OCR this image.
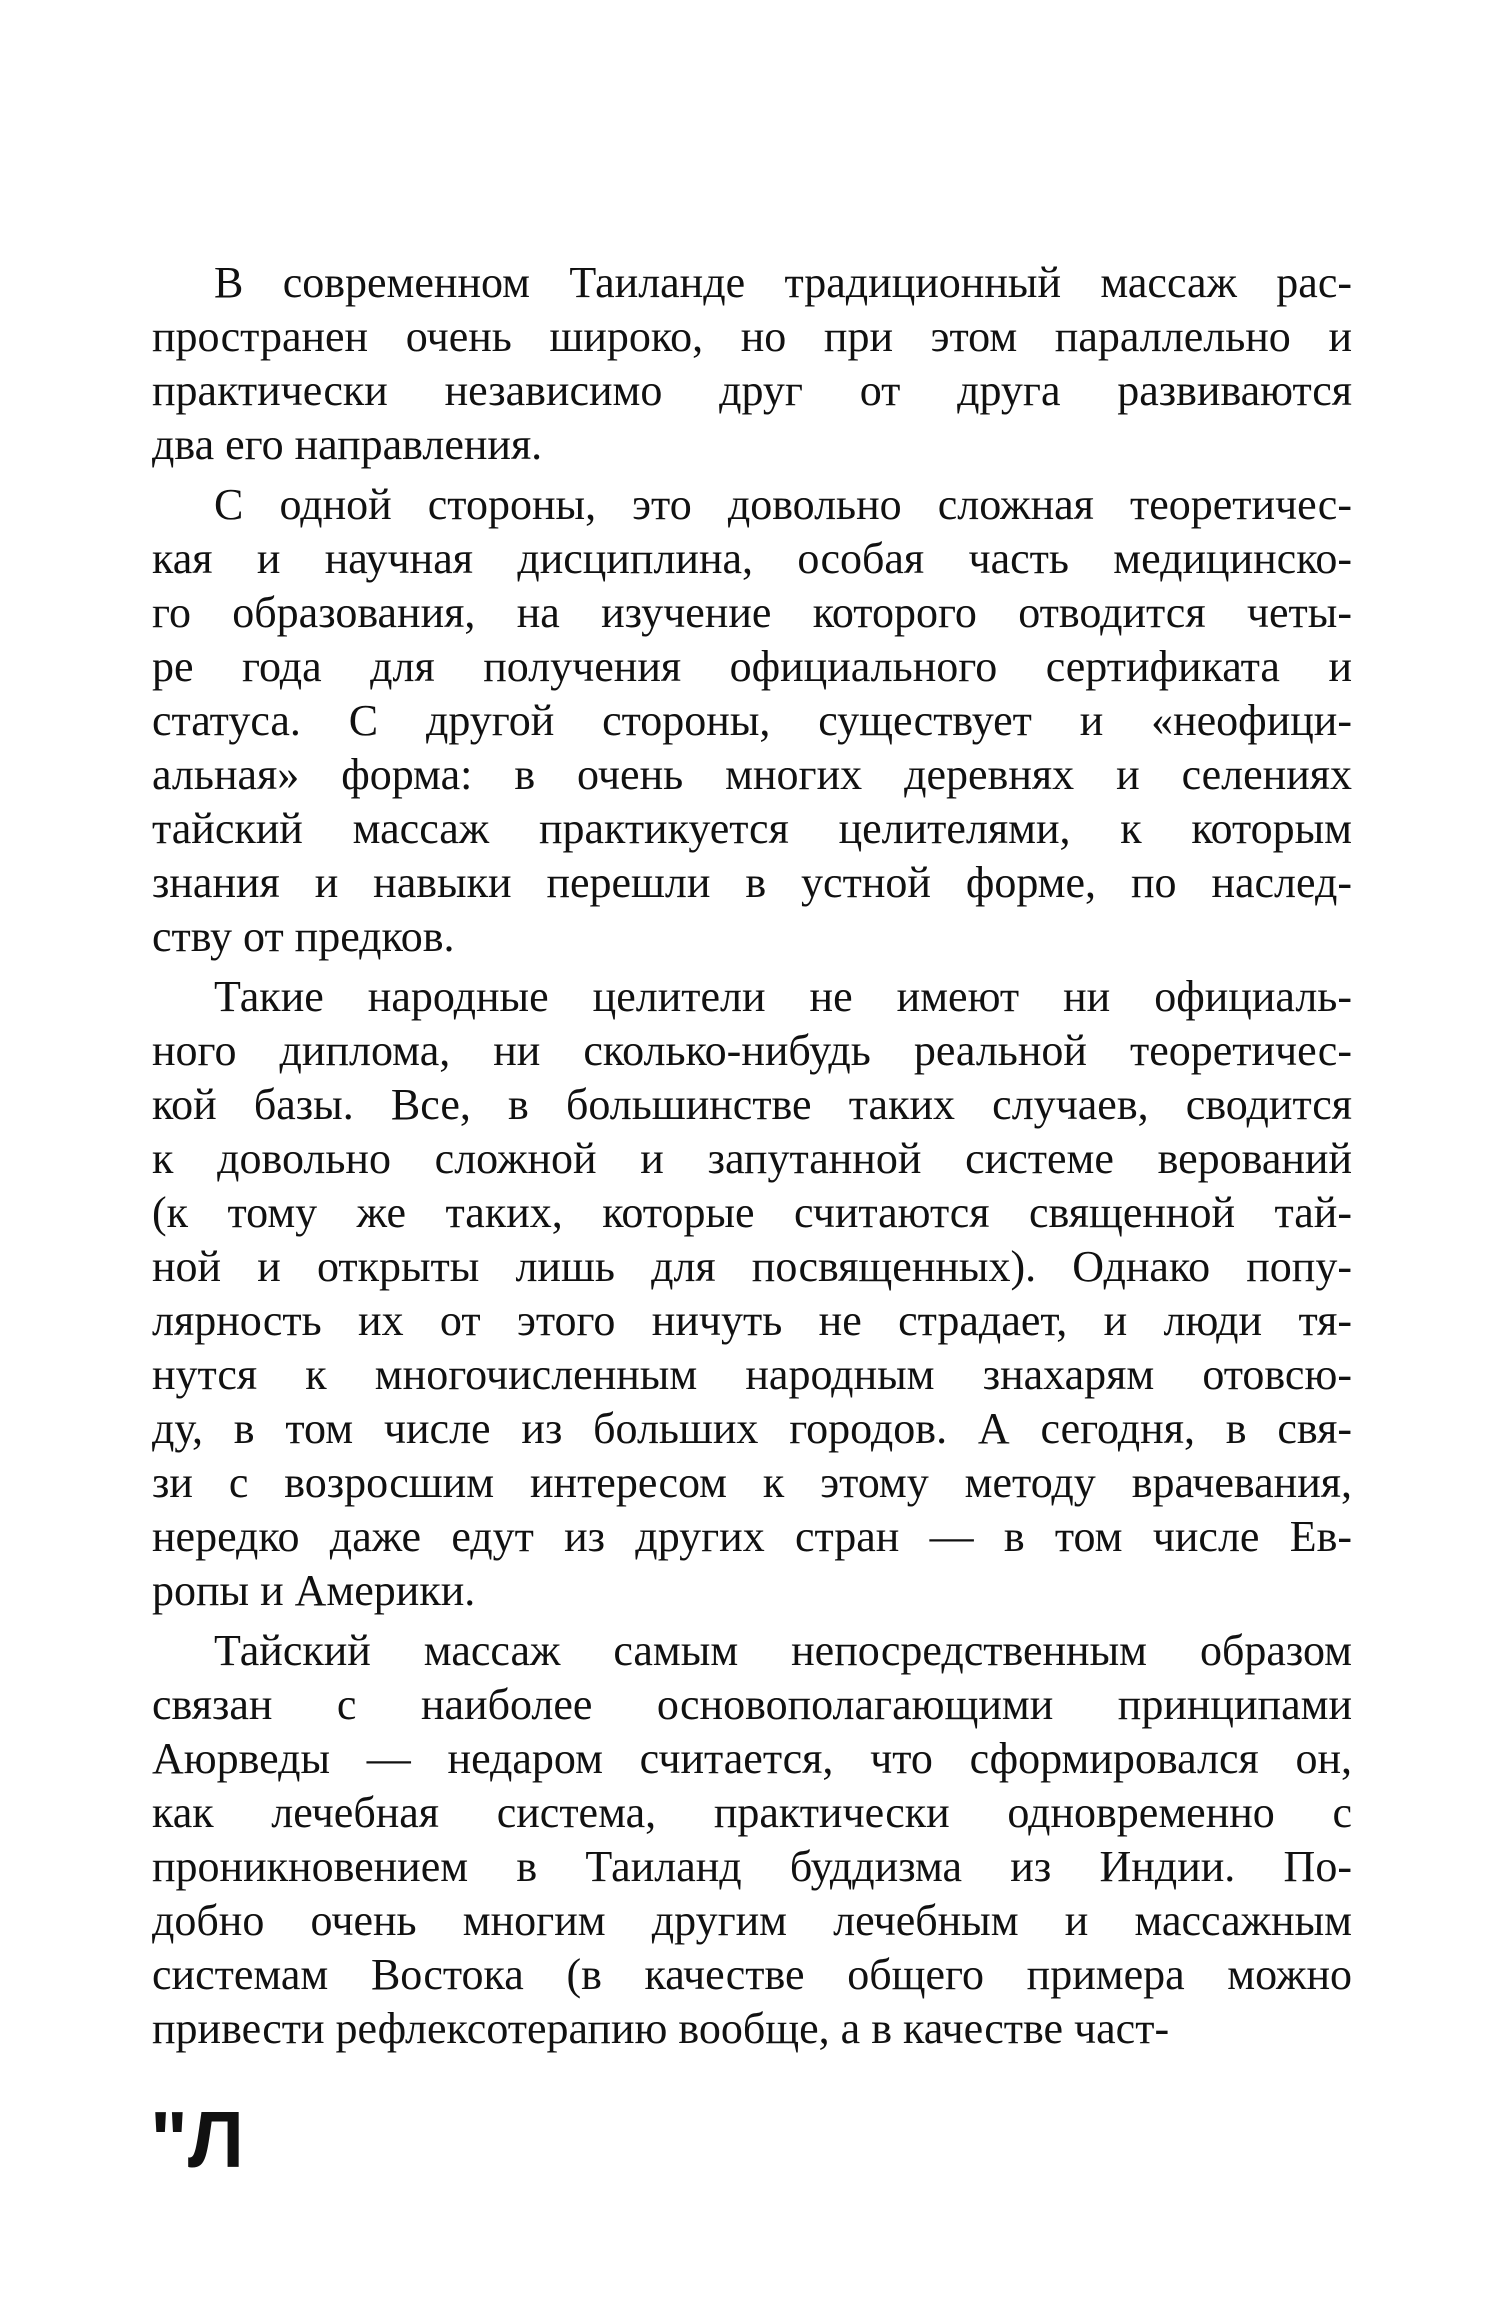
В современном Таиланде традиционный массаж рас-
пространен очень широко, но при этом параллельно и
практически независимо друг от друга развиваются
два его направления.
С одной стороны, это довольно сложная теоретичес-
кая и научная дисциплина, особая часть медицинско-
го образования, на изучение которого отводится четы-
ре года для получения официального сертификата и
статуса. С другой стороны, существует и «неофици-
альная» форма: в очень многих деревнях и селениях
тайский массаж практикуется целителями, к которым
знания и навыки перешли в устной форме, по наслед-
ству от предков.
Такие народные целители не имеют ни официаль-
ного диплома, ни сколько-нибудь реальной теоретичес-
кой базы. Все, в большинстве таких случаев, сводится
к довольно сложной и запутанной системе верований
(к тому же таких, которые считаются священной тай-
ной и открыты лишь для посвященных). Однако попу-
лярность их от этого ничуть не страдает, и люди тя-
нутся к многочисленным народным знахарям отовсю-
ду, в том числе из больших городов. А сегодня, в свя-
зи с возросшим интересом к этому методу врачевания,
нередко даже едут из других стран — в том числе Ев-
ропы и Америки.
Тайский массаж самым непосредственным образом
связан с наиболее основополагающими принципами
Аюрведы — недаром считается, что сформировался он,
как лечебная система, практически одновременно с
проникновением в Таиланд буддизма из Индии. По-
добно очень многим другим лечебным и массажным
системам Востока (в качестве общего примера можно
привести рефлексотерапию вообще, а в качестве част-
"Л
